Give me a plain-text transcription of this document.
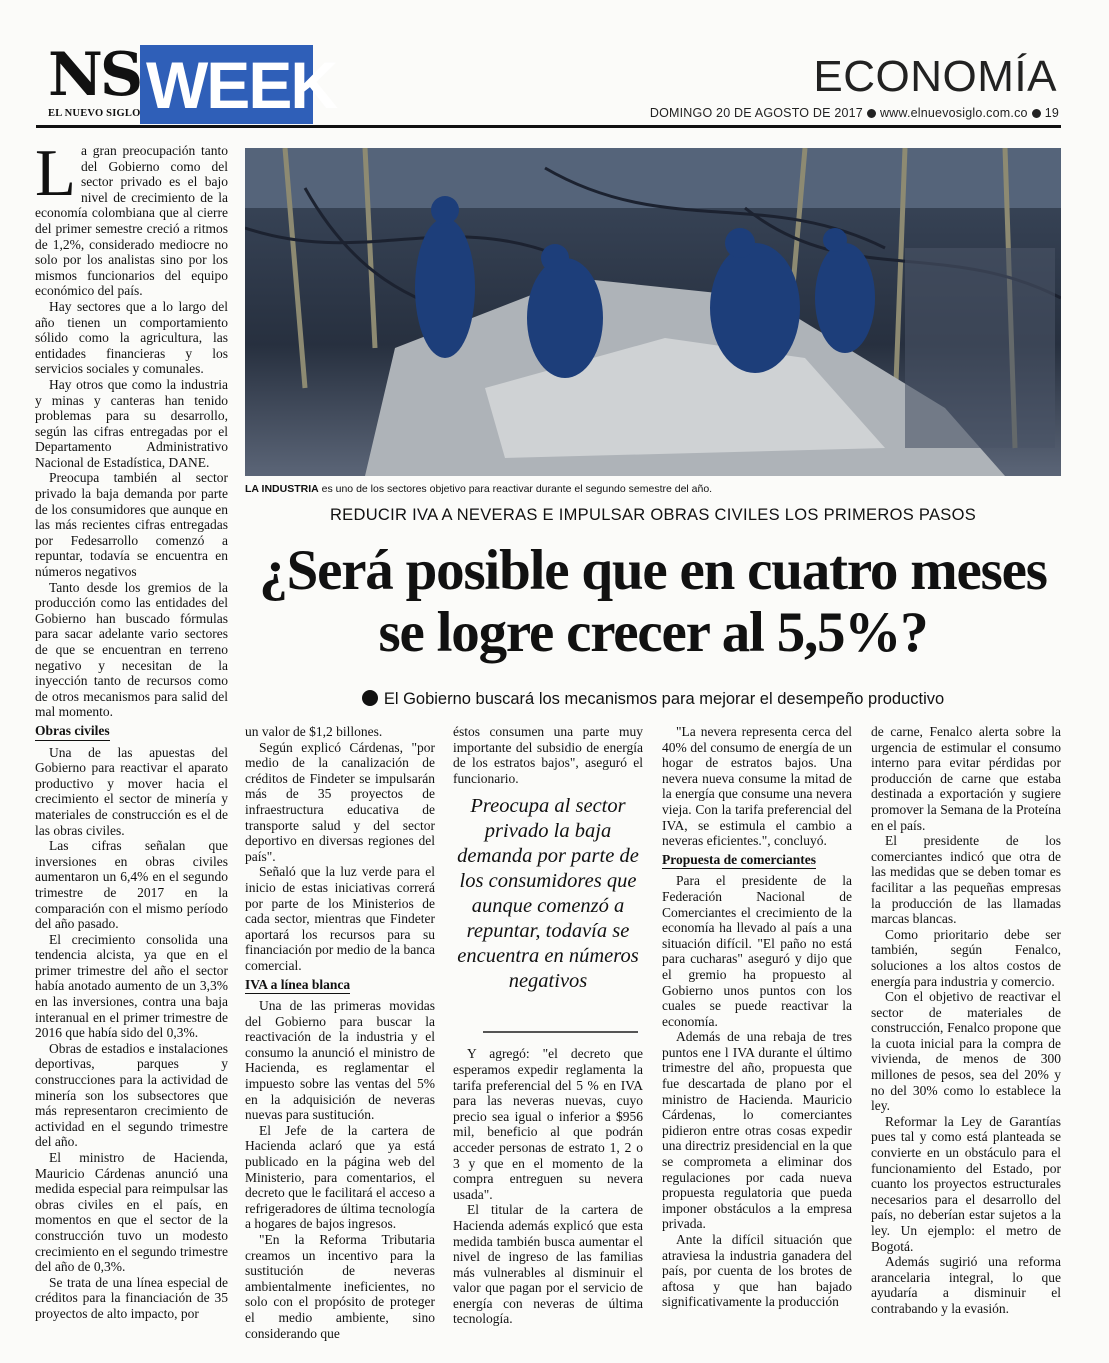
NS
EL NUEVO SIGLO WEEK	ECONOMÍA
DOMINGO 20 DE AGOSTO DE 2017 www.elnuevosiglo.com.co 19

La gran preocupación tanto del Gobierno como del sector privado es el bajo nivel de crecimiento de la economía colombiana que al cierre del primer semestre creció a ritmos de 1,2%, considerado mediocre no solo por los analistas sino por los mismos funcionarios del equipo económico del país.

Hay sectores que a lo largo del año tienen un comportamiento sólido como la agricultura, las entidades financieras y los servicios sociales y comunales.

Hay otros que como la industria y minas y canteras han tenido problemas para su desarrollo, según las cifras entregadas por el Departamento Administrativo Nacional de Estadística, DANE.

Preocupa también al sector privado la baja demanda por parte de los consumidores que aunque en las más recientes cifras entregadas por Fedesarrollo comenzó a repuntar, todavía se encuentra en números negativos

Tanto desde los gremios de la producción como las entidades del Gobierno han buscado fórmulas para sacar adelante vario sectores de que se encuentran en terreno negativo y necesitan de la inyección tanto de recursos como de otros mecanismos para salid del mal momento.

Obras civiles

Una de las apuestas del Gobierno para reactivar el aparato productivo y mover hacia el crecimiento el sector de minería y materiales de construcción es el de las obras civiles.

Las cifras señalan que inversiones en obras civiles aumentaron un 6,4% en el segundo trimestre de 2017 en la comparación con el mismo período del año pasado.

El crecimiento consolida una tendencia alcista, ya que en el primer trimestre del año el sector había anotado aumento de un 3,3% en las inversiones, contra una baja interanual en el primer trimestre de 2016 que había sido del 0,3%.

Obras de estadios e instalaciones deportivas, parques y construcciones para la actividad de minería son los subsectores que más representaron crecimiento de actividad en el segundo trimestre del año.

El ministro de Hacienda, Mauricio Cárdenas anunció una medida especial para reimpulsar las obras civiles en el país, en momentos en que el sector de la construcción tuvo un modesto crecimiento en el segundo trimestre del año de 0,3%.

Se trata de una línea especial de créditos para la financiación de 35 proyectos de alto impacto, por

LA INDUSTRIA es uno de los sectores objetivo para reactivar durante el segundo semestre del año.
REDUCIR IVA A NEVERAS E IMPULSAR OBRAS CIVILES LOS PRIMEROS PASOS
¿Será posible que en cuatro meses se logre crecer al 5,5%?
El Gobierno buscará los mecanismos para mejorar el desempeño productivo

un valor de $1,2 billones.

Según explicó Cárdenas, "por medio de la canalización de créditos de Findeter se impulsarán más de 35 proyectos de infraestructura educativa de transporte salud y del sector deportivo en diversas regiones del país".

Señaló que la luz verde para el inicio de estas iniciativas correrá por parte de los Ministerios de cada sector, mientras que Findeter aportará los recursos para su financiación por medio de la banca comercial.

IVA a línea blanca

Una de las primeras movidas del Gobierno para buscar la reactivación de la industria y el consumo la anunció el ministro de Hacienda, es reglamentar el impuesto sobre las ventas del 5% en la adquisición de neveras nuevas para sustitución.

El Jefe de la cartera de Hacienda aclaró que ya está publicado en la página web del Ministerio, para comentarios, el decreto que le facilitará el acceso a refrigeradores de última tecnología a hogares de bajos ingresos.

"En la Reforma Tributaria creamos un incentivo para la sustitución de neveras ambientalmente ineficientes, no solo con el propósito de proteger el medio ambiente, sino considerando que

éstos consumen una parte muy importante del subsidio de energía de los estratos bajos", aseguró el funcionario.

Y agregó: "el decreto que esperamos expedir reglamenta la tarifa preferencial del 5 % en IVA para las neveras nuevas, cuyo precio sea igual o inferior a $956 mil, beneficio al que podrán acceder personas de estrato 1, 2 o 3 y que en el momento de la compra entreguen su nevera usada".

El titular de la cartera de Hacienda además explicó que esta medida también busca aumentar el nivel de ingreso de las familias más vulnerables al disminuir el valor que pagan por el servicio de energía con neveras de última tecnología.

Preocupa al sector privado la baja demanda por parte de los consumidores que aunque comenzó a repuntar, todavía se encuentra en números negativos

"La nevera representa cerca del 40% del consumo de energía de un hogar de estratos bajos. Una nevera nueva consume la mitad de la energía que consume una nevera vieja. Con la tarifa preferencial del IVA, se estimula el cambio a neveras eficientes.", concluyó.

Propuesta de comerciantes

Para el presidente de la Federación Nacional de Comerciantes el crecimiento de la economía ha llevado al país a una situación difícil. "El paño no está para cucharas" aseguró y dijo que el gremio ha propuesto al Gobierno unos puntos con los cuales se puede reactivar la economía.

Además de una rebaja de tres puntos ene l IVA durante el último trimestre del año, propuesta que fue descartada de plano por el ministro de Hacienda. Mauricio Cárdenas, lo comerciantes pidieron entre otras cosas expedir una directriz presidencial en la que se comprometa a eliminar dos regulaciones por cada nueva propuesta regulatoria que pueda imponer obstáculos a la empresa privada.

Ante la difícil situación que atraviesa la industria ganadera del país, por cuenta de los brotes de aftosa y que han bajado significativamente la producción

de carne, Fenalco alerta sobre la urgencia de estimular el consumo interno para evitar pérdidas por producción de carne que estaba destinada a exportación y sugiere promover la Semana de la Proteína en el país.

El presidente de los comerciantes indicó que otra de las medidas que se deben tomar es facilitar a las pequeñas empresas la producción de las llamadas marcas blancas.

Como prioritario debe ser también, según Fenalco, soluciones a los altos costos de energía para industria y comercio.

Con el objetivo de reactivar el sector de materiales de construcción, Fenalco propone que la cuota inicial para la compra de vivienda, de menos de 300 millones de pesos, sea del 20% y no del 30% como lo establece la ley.

Reformar la Ley de Garantías pues tal y como está planteada se convierte en un obstáculo para el funcionamiento del Estado, por cuanto los proyectos estructurales necesarios para el desarrollo del país, no deberían estar sujetos a la ley. Un ejemplo: el metro de Bogotá.

Además sugirió una reforma arancelaria integral, lo que ayudaría a disminuir el contrabando y la evasión.
